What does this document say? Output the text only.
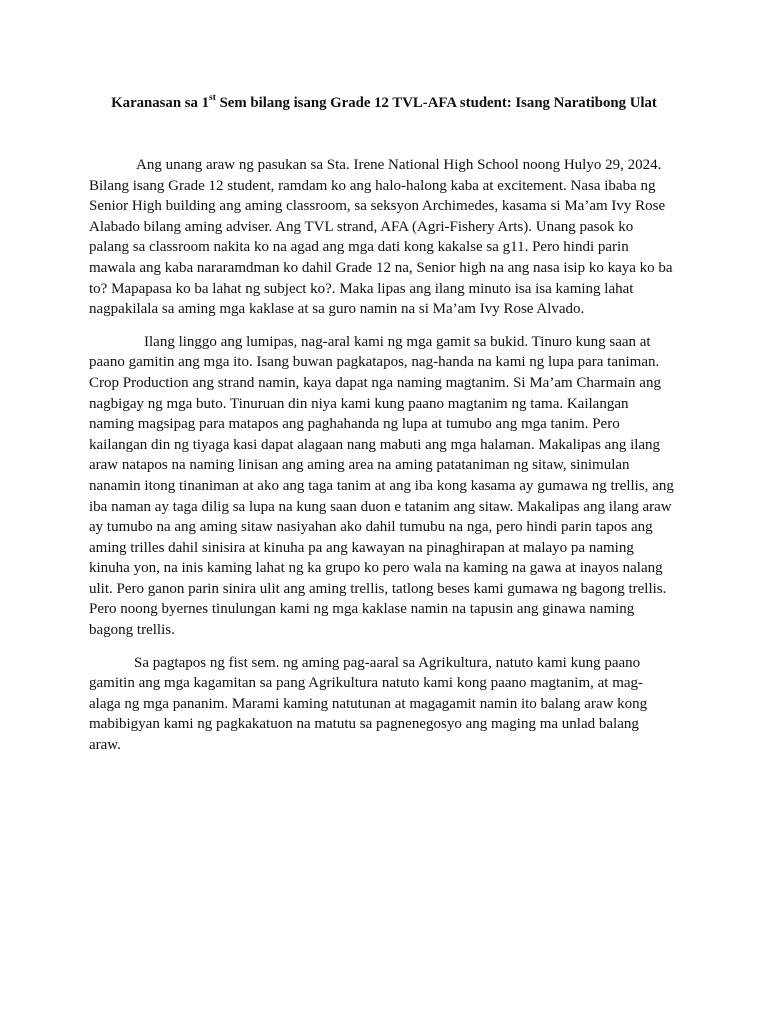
Karanasan sa 1st Sem bilang isang Grade 12 TVL-AFA student: Isang Naratibong Ulat

Ang unang araw ng pasukan sa Sta. Irene National High School noong Hulyo 29, 2024.
Bilang isang Grade 12 student, ramdam ko ang halo-halong kaba at excitement. Nasa ibaba ng
Senior High building ang aming classroom, sa seksyon Archimedes, kasama si Ma’am Ivy Rose
Alabado bilang aming adviser. Ang TVL strand, AFA (Agri-Fishery Arts). Unang pasok ko
palang sa classroom nakita ko na agad ang mga dati kong kakalse sa g11. Pero hindi parin
mawala ang kaba nararamdman ko dahil Grade 12 na, Senior high na ang nasa isip ko kaya ko ba
to? Mapapasa ko ba lahat ng subject ko?. Maka lipas ang ilang minuto isa isa kaming lahat
nagpakilala sa aming mga kaklase at sa guro namin na si Ma’am Ivy Rose Alvado.

Ilang linggo ang lumipas, nag-aral kami ng mga gamit sa bukid. Tinuro kung saan at
paano gamitin ang mga ito. Isang buwan pagkatapos, nag-handa na kami ng lupa para taniman.
Crop Production ang strand namin, kaya dapat nga naming magtanim. Si Ma’am Charmain ang
nagbigay ng mga buto. Tinuruan din niya kami kung paano magtanim ng tama. Kailangan
naming magsipag para matapos ang paghahanda ng lupa at tumubo ang mga tanim. Pero
kailangan din ng tiyaga kasi dapat alagaan nang mabuti ang mga halaman. Makalipas ang ilang
araw natapos na naming linisan ang aming area na aming patataniman ng sitaw, sinimulan
nanamin itong tinaniman at ako ang taga tanim at ang iba kong kasama ay gumawa ng trellis, ang
iba naman ay taga dilig sa lupa na kung saan duon e tatanim ang sitaw. Makalipas ang ilang araw
ay tumubo na ang aming sitaw nasiyahan ako dahil tumubu na nga, pero hindi parin tapos ang
aming trilles dahil sinisira at kinuha pa ang kawayan na pinaghirapan at malayo pa naming
kinuha yon, na inis kaming lahat ng ka grupo ko pero wala na kaming na gawa at inayos nalang
ulit. Pero ganon parin sinira ulit ang aming trellis, tatlong beses kami gumawa ng bagong trellis.
Pero noong byernes tinulungan kami ng mga kaklase namin na tapusin ang ginawa naming
bagong trellis.

Sa pagtapos ng fist sem. ng aming pag-aaral sa Agrikultura, natuto kami kung paano
gamitin ang mga kagamitan sa pang Agrikultura natuto kami kong paano magtanim, at mag-
alaga ng mga pananim. Marami kaming natutunan at magagamit namin ito balang araw kong
mabibigyan kami ng pagkakatuon na matutu sa pagnenegosyo ang maging ma unlad balang
araw.
